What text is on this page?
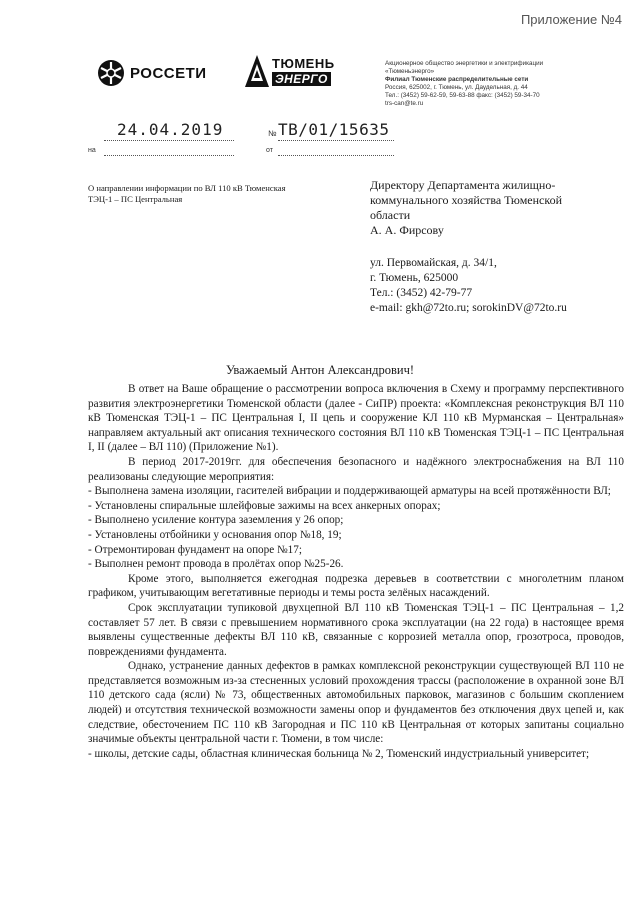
Приложение №4
РОССЕТИ
ТЮМЕНЬ
ЭНЕРГО
Акционерное общество энергетики и электрификации
«Тюменьэнерго»
Филиал Тюменские распределительные сети
Россия, 625002, г. Тюмень, ул. Даудельная, д. 44
Тел.: (3452) 59-62-59, 59-63-88 факс: (3452) 59-34-70
trs-can@te.ru
24.04.2019	№ ТВ/01/15635
на	от
О направлении информации по ВЛ 110 кВ Тюменская ТЭЦ-1 – ПС Центральная
Директору Департамента жилищно-
коммунального хозяйства Тюменской
области
А. А. Фирсову
ул. Первомайская, д. 34/1,
г. Тюмень, 625000
Тел.: (3452) 42-79-77
e-mail: gkh@72to.ru; sorokinDV@72to.ru
Уважаемый Антон Александрович!

В ответ на Ваше обращение о рассмотрении вопроса включения в Схему и программу перспективного развития электроэнергетики Тюменской области (далее - СиПР) проекта: «Комплексная реконструкция ВЛ 110 кВ Тюменская ТЭЦ-1 – ПС Центральная I, II цепь и сооружение КЛ 110 кВ Мурманская – Центральная» направляем актуальный акт описания технического состояния ВЛ 110 кВ Тюменская ТЭЦ-1 – ПС Центральная I, II (далее – ВЛ 110) (Приложение №1).

В период 2017-2019гг. для обеспечения безопасного и надёжного электроснабжения на ВЛ 110 реализованы следующие мероприятия:

- Выполнена замена изоляции, гасителей вибрации и поддерживающей арматуры на всей протяжённости ВЛ;

- Установлены спиральные шлейфовые зажимы на всех анкерных опорах;

- Выполнено усиление контура заземления у 26 опор;

- Установлены отбойники у основания опор №18, 19;

- Отремонтирован фундамент на опоре №17;

- Выполнен ремонт провода в пролётах опор №25-26.

Кроме этого, выполняется ежегодная подрезка деревьев в соответствии с многолетним планом графиком, учитывающим вегетативные периоды и темы роста зелёных насаждений.

Срок эксплуатации тупиковой двухцепной ВЛ 110 кВ Тюменская ТЭЦ-1 – ПС Центральная – 1,2 составляет 57 лет. В связи с превышением нормативного срока эксплуатации (на 22 года) в настоящее время выявлены существенные дефекты ВЛ 110 кВ, связанные с коррозией металла опор, грозотроса, проводов, повреждениями фундамента.

Однако, устранение данных дефектов в рамках комплексной реконструкции существующей ВЛ 110 не представляется возможным из-за стесненных условий прохождения трассы (расположение в охранной зоне ВЛ 110 детского сада (ясли) № 73, общественных автомобильных парковок, магазинов с большим скоплением людей) и отсутствия технической возможности замены опор и фундаментов без отключения двух цепей и, как следствие, обесточением ПС 110 кВ Загородная и ПС 110 кВ Центральная от которых запитаны социально значимые объекты центральной части г. Тюмени, в том числе:

- школы, детские сады, областная клиническая больница № 2, Тюменский индустриальный университет;
